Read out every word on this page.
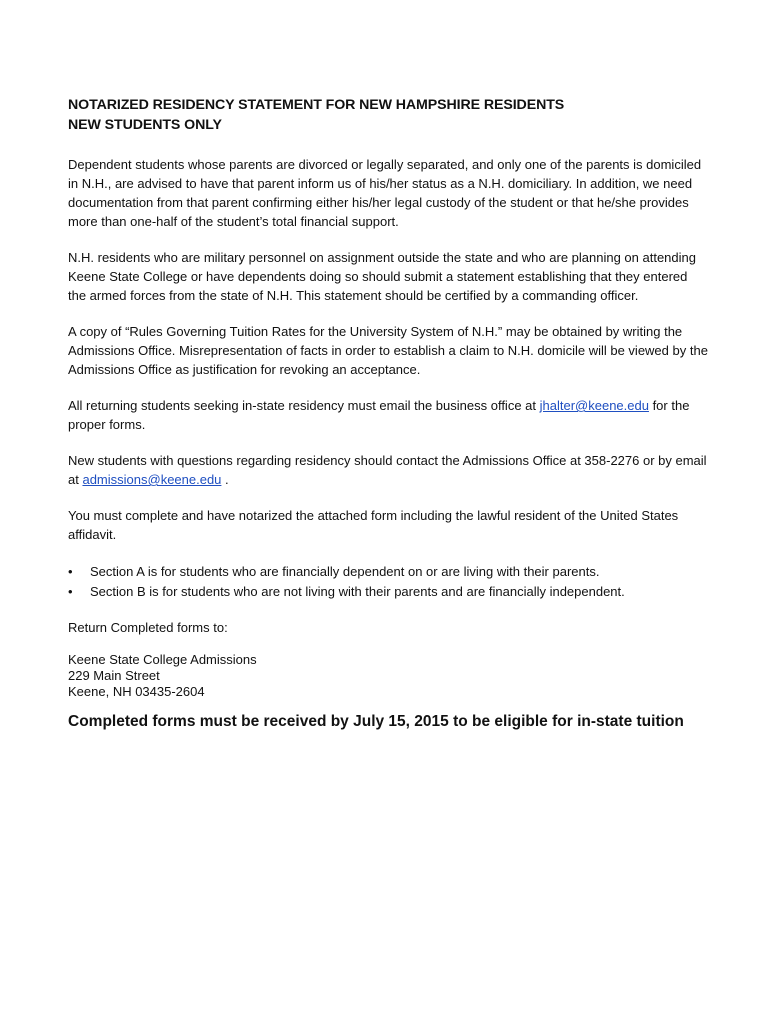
NOTARIZED RESIDENCY STATEMENT FOR NEW HAMPSHIRE RESIDENTS
NEW STUDENTS ONLY

Dependent students whose parents are divorced or legally separated, and only one of the parents is domiciled in N.H., are advised to have that parent inform us of his/her status as a N.H. domiciliary. In addition, we need documentation from that parent confirming either his/her legal custody of the student or that he/she provides more than one-half of the student’s total financial support.

N.H. residents who are military personnel on assignment outside the state and who are planning on attending Keene State College or have dependents doing so should submit a statement establishing that they entered the armed forces from the state of N.H. This statement should be certified by a commanding officer.

A copy of “Rules Governing Tuition Rates for the University System of N.H.” may be obtained by writing the Admissions Office. Misrepresentation of facts in order to establish a claim to N.H. domicile will be viewed by the Admissions Office as justification for revoking an acceptance.

All returning students seeking in-state residency must email the business office at jhalter@keene.edu for the proper forms.

New students with questions regarding residency should contact the Admissions Office at 358-2276 or by email at admissions@keene.edu .

You must complete and have notarized the attached form including the lawful resident of the United States affidavit.

• Section A is for students who are financially dependent on or are living with their parents.
• Section B is for students who are not living with their parents and are financially independent.

Return Completed forms to:

Keene State College Admissions
229 Main Street
Keene, NH 03435-2604

Completed forms must be received by July 15, 2015 to be eligible for in-state tuition
